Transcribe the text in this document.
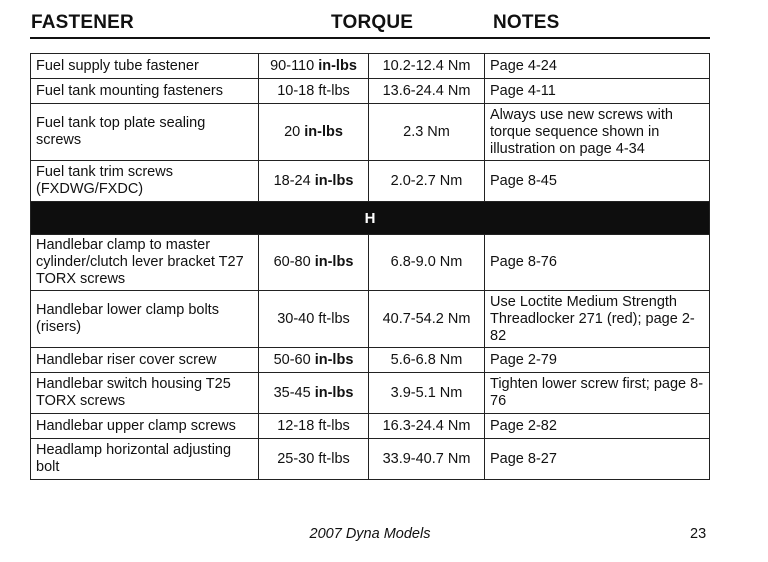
FASTENER	TORQUE	NOTES
Fuel supply tube fastener	90-110 in-lbs	10.2-12.4 Nm	Page 4-24
Fuel tank mounting fasteners	10-18 ft-lbs	13.6-24.4 Nm	Page 4-11
Fuel tank top plate sealing screws	20 in-lbs	2.3 Nm	Always use new screws with torque sequence shown in illustration on page 4-34
Fuel tank trim screws (FXDWG/FXDC)	18-24 in-lbs	2.0-2.7 Nm	Page 8-45
H			
Handlebar clamp to master cylinder/clutch lever bracket T27 TORX screws	60-80 in-lbs	6.8-9.0 Nm	Page 8-76
Handlebar lower clamp bolts (risers)	30-40 ft-lbs	40.7-54.2 Nm	Use Loctite Medium Strength Threadlocker 271 (red); page 2-82
Handlebar riser cover screw	50-60 in-lbs	5.6-6.8 Nm	Page 2-79
Handlebar switch housing T25 TORX screws	35-45 in-lbs	3.9-5.1 Nm	Tighten lower screw first; page 8-76
Handlebar upper clamp screws	12-18 ft-lbs	16.3-24.4 Nm	Page 2-82
Headlamp horizontal adjusting bolt	25-30 ft-lbs	33.9-40.7 Nm	Page 8-27
2007 Dyna Models	23
